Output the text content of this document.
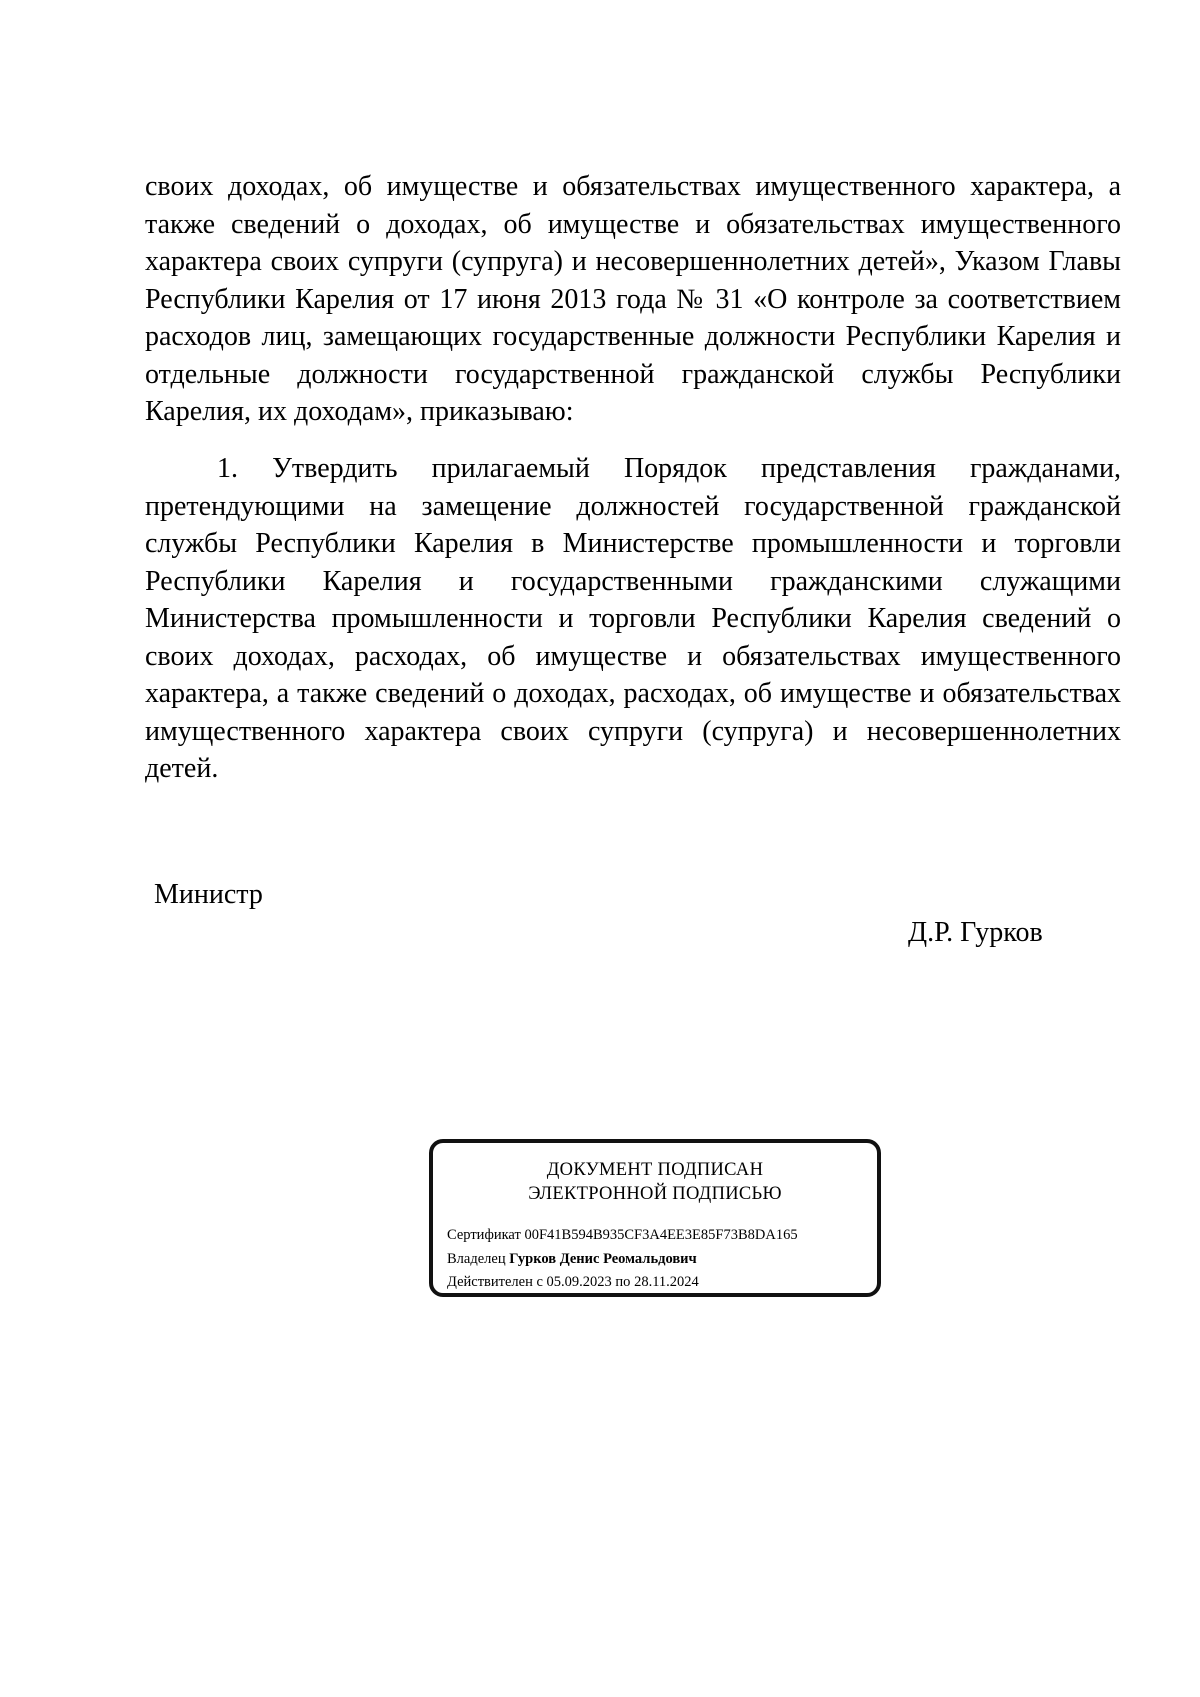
своих доходах, об имуществе и обязательствах имущественного характера, а также сведений о доходах, об имуществе и обязательствах имущественного характера своих супруги (супруга) и несовершеннолетних детей», Указом Главы Республики Карелия от 17 июня 2013 года № 31 «О контроле за соответствием расходов лиц, замещающих государственные должности Республики Карелия и отдельные должности государственной гражданской службы Республики Карелия, их доходам», приказываю:
1. Утвердить прилагаемый Порядок представления гражданами, претендующими на замещение должностей государственной гражданской службы Республики Карелия в Министерстве промышленности и торговли Республики Карелия и государственными гражданскими служащими Министерства промышленности и торговли Республики Карелия сведений о своих доходах, расходах, об имуществе и обязательствах имущественного характера, а также сведений о доходах, расходах, об имуществе и обязательствах имущественного характера своих супруги (супруга) и несовершеннолетних детей.
Министр
Д.Р. Гурков
ДОКУМЕНТ ПОДПИСАН
ЭЛЕКТРОННОЙ ПОДПИСЬЮ
Сертификат 00F41B594B935CF3A4EE3E85F73B8DA165
Владелец Гурков Денис Реомальдович
Действителен с 05.09.2023 по 28.11.2024
